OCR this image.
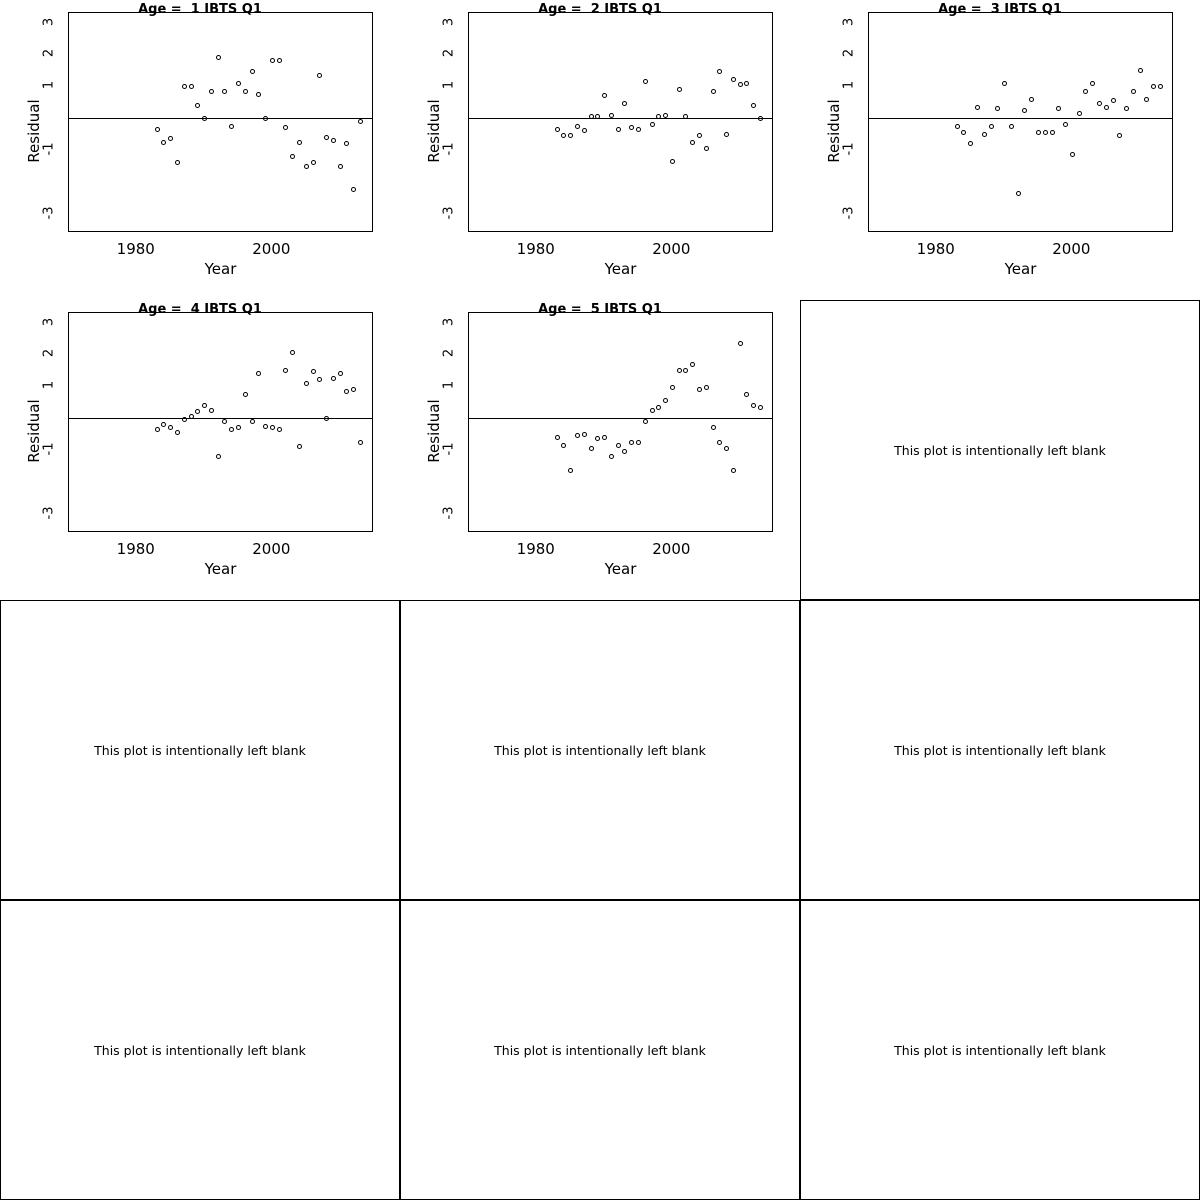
Age =  1 IBTS Q1
3
2
1
-1
-3
Residual
1980	2000
Year
Age =  2 IBTS Q1
3
2
1
-1
-3
Residual
1980	2000
Year
Age =  3 IBTS Q1
3
2
1
-1
-3
Residual
1980	2000
Year
Age =  4 IBTS Q1
3
2
1
-1
-3
Residual
1980	2000
Year
Age =  5 IBTS Q1
3
2
1
-1
-3
Residual
1980	2000
Year
This plot is intentionally left blank
This plot is intentionally left blank	This plot is intentionally left blank	This plot is intentionally left blank
This plot is intentionally left blank	This plot is intentionally left blank	This plot is intentionally left blank
